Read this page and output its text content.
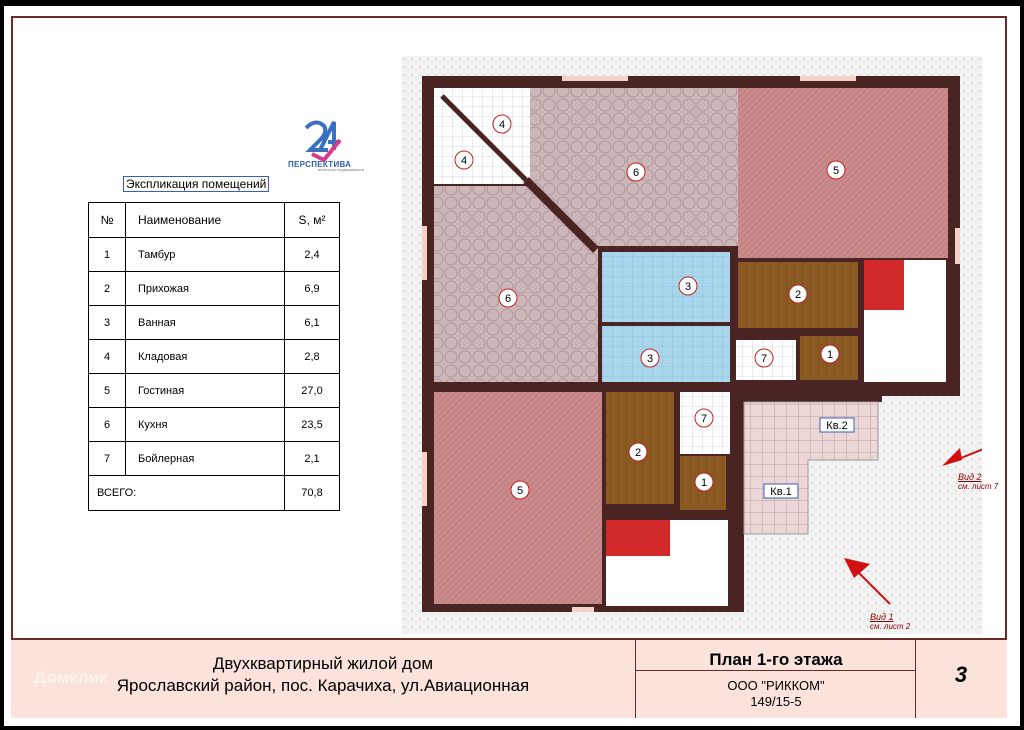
ПЕРСПЕКТИВА
агентство недвижимости
Экспликация помещений
№	Наименование	S, м²
1	Тамбур	2,4
2	Прихожая	6,9
3	Ванная	6,1
4	Кладовая	2,8
5	Гостиная	27,0
6	Кухня	23,5
7	Бойлерная	2,1
ВСЕГО:		70,8
4
4
6	5
6
3
2
3	7	1
7
2
1
5
Кв.2
Кв.1
Вид 2
см. лист 7
Вид 1
см. лист 2
Двухквартирный жилой дом
Ярославский район, пос. Карачиха, ул.Авиационная
План 1-го этажа
ООО "РИККОМ"
149/15-5
3
Домклик
